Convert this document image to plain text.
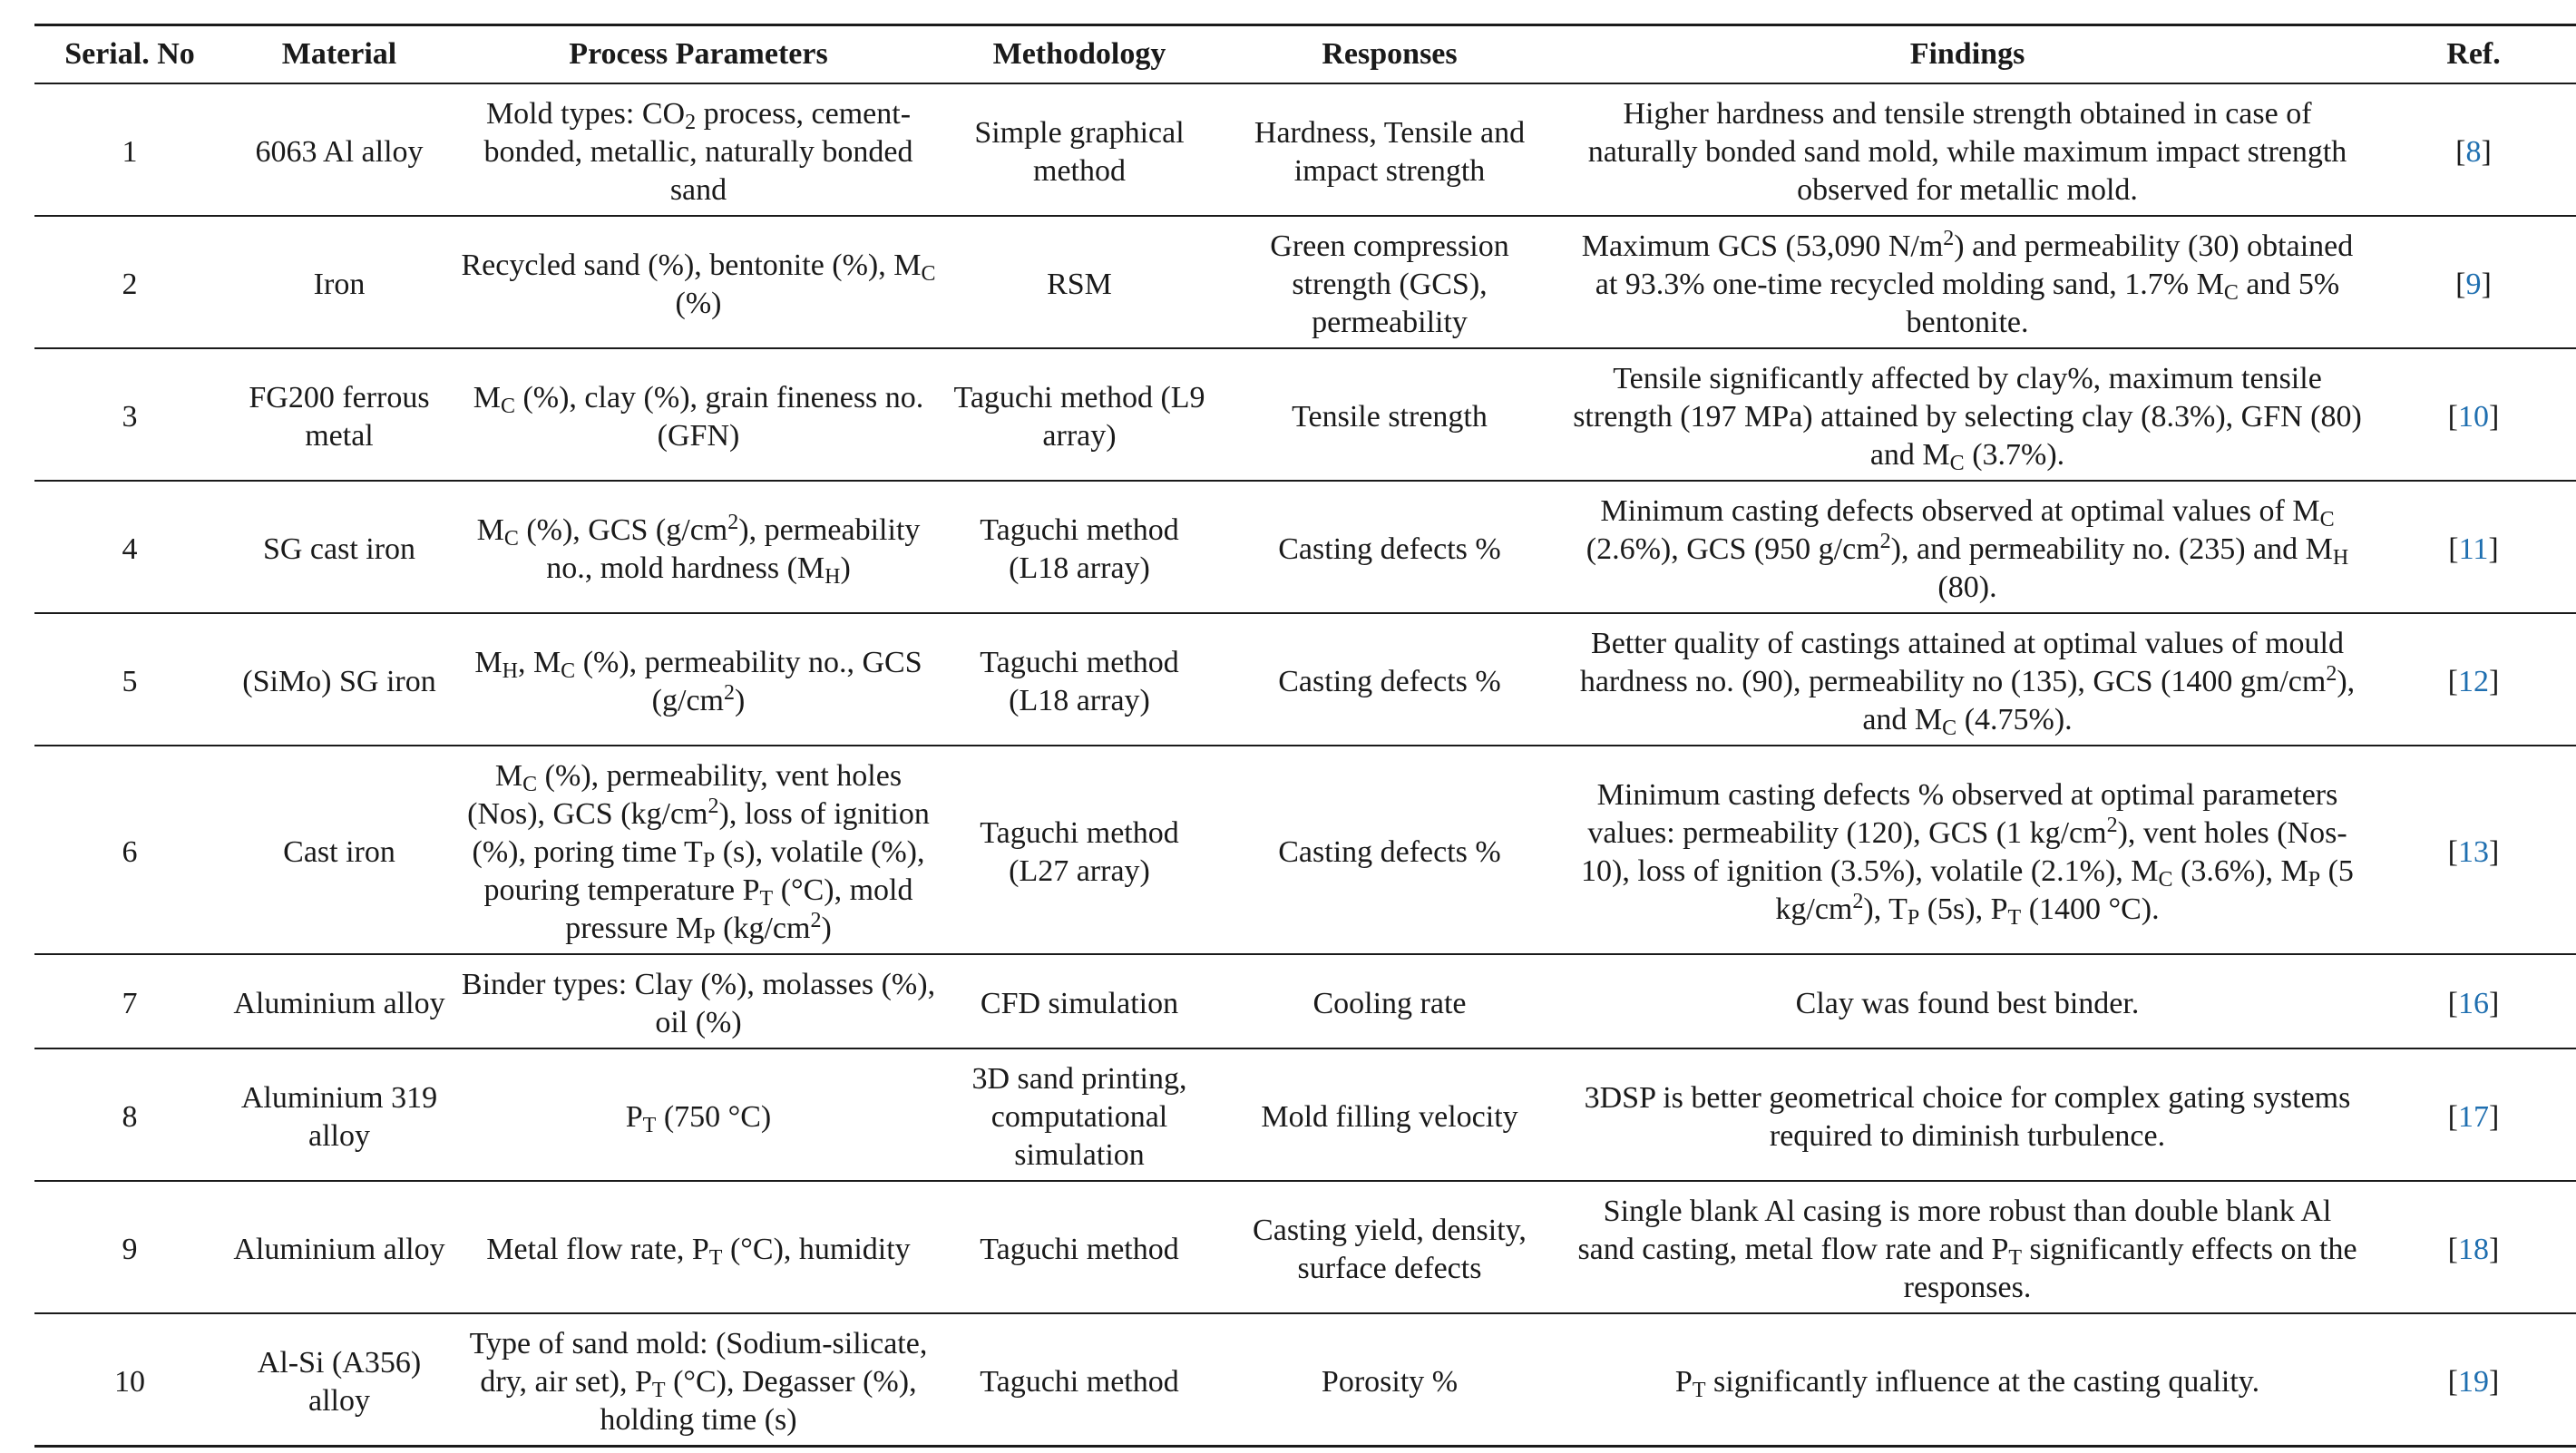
Serial. No	Material	Process Parameters	Methodology	Responses	Findings	Ref.
1	6063 Al alloy	Mold types: $CO_2$ process, cement-bonded, metallic, naturally bonded sand	Simple graphical method	Hardness, Tensile and impact strength	Higher hardness and tensile strength obtained in case of naturally bonded sand mold, while maximum impact strength observed for metallic mold.	[8]
2	Iron	Recycled sand (%), bentonite (%), $M_C$ (%)	RSM	Green compression strength (GCS), permeability	Maximum GCS (53,090 $N/m^2$) and permeability (30) obtained at 93.3% one-time recycled molding sand, 1.7% $M_C$ and 5% bentonite.	[9]
3	FG200 ferrous metal	$M_C$ (%), clay (%), grain fineness no. (GFN)	Taguchi method (L9 array)	Tensile strength	Tensile significantly affected by clay%, maximum tensile strength (197 MPa) attained by selecting clay (8.3%), GFN (80) and $M_C$ (3.7%).	[10]
4	SG cast iron	$M_C$ (%), GCS $(g/cm^2)$, permeability no., mold hardness $(M_H)$	Taguchi method (L18 array)	Casting defects %	Minimum casting defects observed at optimal values of $M_C$ (2.6%), GCS (950 $g/cm^2$), and permeability no. (235) and $M_H$ (80).	[11]
5	(SiMo) SG iron	$M_H$, $M_C$ (%), permeability no., GCS $(g/cm^2)$	Taguchi method (L18 array)	Casting defects %	Better quality of castings attained at optimal values of mould hardness no. (90), permeability no (135), GCS (1400 $gm/cm^2$), and $M_C$ (4.75%).	[12]
6	Cast iron	$M_C$ (%), permeability, vent holes (Nos), GCS $(kg/cm^2)$, loss of ignition (%), poring time $T_P$ (s), volatile (%), pouring temperature $P_T$ (°C), mold pressure $M_P$ $(kg/cm^2)$	Taguchi method (L27 array)	Casting defects %	Minimum casting defects % observed at optimal parameters values: permeability (120), GCS (1 $kg/cm^2$), vent holes (Nos-10), loss of ignition (3.5%), volatile (2.1%), $M_C$ (3.6%), $M_P$ (5 $kg/cm^2$), $T_P$ (5s), $P_T$ (1400 °C).	[13]
7	Aluminium alloy	Binder types: Clay (%), molasses (%), oil (%)	CFD simulation	Cooling rate	Clay was found best binder.	[16]
8	Aluminium 319 alloy	$P_T$ (750 °C)	3D sand printing, computational simulation	Mold filling velocity	3DSP is better geometrical choice for complex gating systems required to diminish turbulence.	[17]
9	Aluminium alloy	Metal flow rate, $P_T$ (°C), humidity	Taguchi method	Casting yield, density, surface defects	Single blank Al casing is more robust than double blank Al sand casting, metal flow rate and $P_T$ significantly effects on the responses.	[18]
10	Al-Si (A356) alloy	Type of sand mold: (Sodium-silicate, dry, air set), $P_T$ (°C), Degasser (%), holding time (s)	Taguchi method	Porosity %	$P_T$ significantly influence at the casting quality.	[19]
